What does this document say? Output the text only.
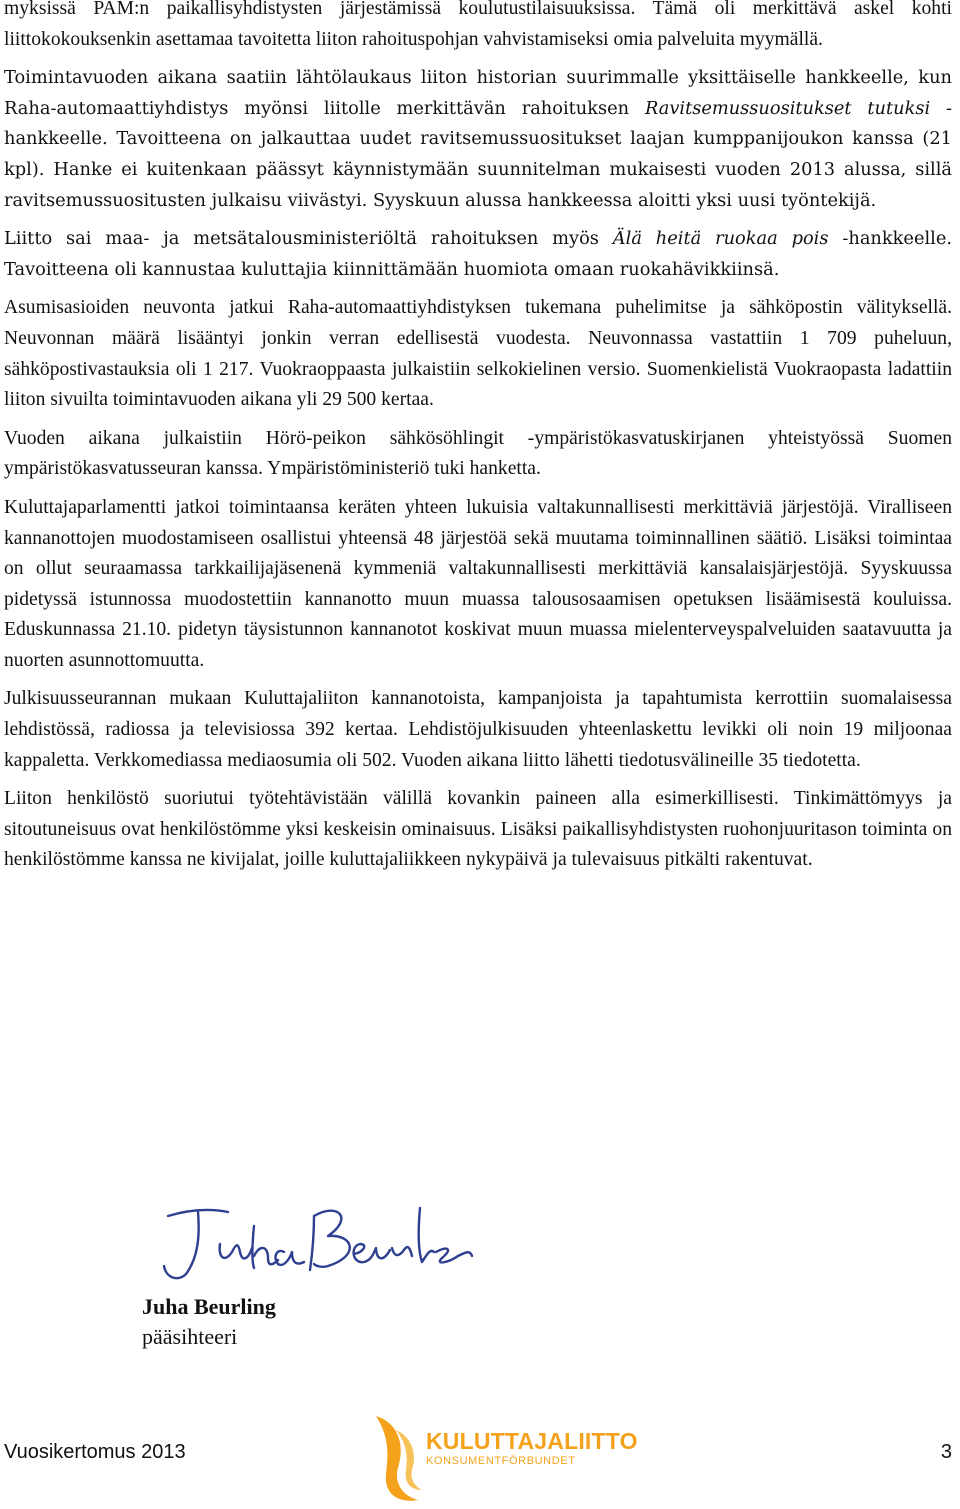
myksissä PAM:n paikallisyhdistysten järjestämissä koulutustilaisuuksissa. Tämä oli merkittävä askel kohti liittokokouksenkin asettamaa tavoitetta liiton rahoituspohjan vahvistamiseksi omia palveluita myymällä.

Toimintavuoden aikana saatiin lähtölaukaus liiton historian suurimmalle yksittäiselle hankkeelle, kun Raha-automaattiyhdistys myönsi liitolle merkittävän rahoituksen Ravitsemussuositukset tutuksi -hankkeelle. Tavoitteena on jalkauttaa uudet ravitsemussuositukset laajan kumppanijoukon kanssa (21 kpl). Hanke ei kuitenkaan päässyt käynnistymään suunnitelman mukaisesti vuoden 2013 alussa, sillä ravitsemussuositusten julkaisu viivästyi. Syyskuun alussa hankkeessa aloitti yksi uusi työntekijä.

Liitto sai maa- ja metsätalousministeriöltä rahoituksen myös Älä heitä ruokaa pois -hankkeelle. Tavoitteena oli kannustaa kuluttajia kiinnittämään huomiota omaan ruokahävikkiinsä.

Asumisasioiden neuvonta jatkui Raha-automaattiyhdistyksen tukemana puhelimitse ja sähköpostin välityksellä. Neuvonnan määrä lisääntyi jonkin verran edellisestä vuodesta. Neuvonnassa vastattiin 1 709 puheluun, sähköpostivastauksia oli 1 217. Vuokraoppaasta julkaistiin selkokielinen versio. Suomenkielistä Vuokraopasta ladattiin liiton sivuilta toimintavuoden aikana yli 29 500 kertaa.

Vuoden aikana julkaistiin Hörö-peikon sähkösöhlingit -ympäristökasvatuskirjanen yhteistyössä Suomen ympäristökasvatusseuran kanssa. Ympäristöministeriö tuki hanketta.

Kuluttajaparlamentti jatkoi toimintaansa keräten yhteen lukuisia valtakunnallisesti merkittäviä järjestöjä. Viralliseen kannanottojen muodostamiseen osallistui yhteensä 48 järjestöä sekä muutama toiminnallinen säätiö. Lisäksi toimintaa on ollut seuraamassa tarkkailijajäsenenä kymmeniä valtakunnallisesti merkittäviä kansalaisjärjestöjä. Syyskuussa pidetyssä istunnossa muodostettiin kannanotto muun muassa talousosaamisen opetuksen lisäämisestä kouluissa. Eduskunnassa 21.10. pidetyn täysistunnon kannanotot koskivat muun muassa mielenterveyspalveluiden saatavuutta ja nuorten asunnottomuutta.

Julkisuusseurannan mukaan Kuluttajaliiton kannanotoista, kampanjoista ja tapahtumista kerrottiin suomalaisessa lehdistössä, radiossa ja televisiossa 392 kertaa. Lehdistöjulkisuuden yhteenlaskettu levikki oli noin 19 miljoonaa kappaletta. Verkkomediassa mediaosumia oli 502. Vuoden aikana liitto lähetti tiedotusvälineille 35 tiedotetta.

Liiton henkilöstö suoriutui työtehtävistään välillä kovankin paineen alla esimerkillisesti. Tinkimättömyys ja sitoutuneisuus ovat henkilöstömme yksi keskeisin ominaisuus. Lisäksi paikallisyhdistysten ruohonjuuritason toiminta on henkilöstömme kanssa ne kivijalat, joille kuluttajaliikkeen nykypäivä ja tulevaisuus pitkälti rakentuvat.

Juha Beurling
pääsihteeri
Vuosikertomus 2013	KULUTTAJALIITTO
KONSUMENTFÖRBUNDET	3
